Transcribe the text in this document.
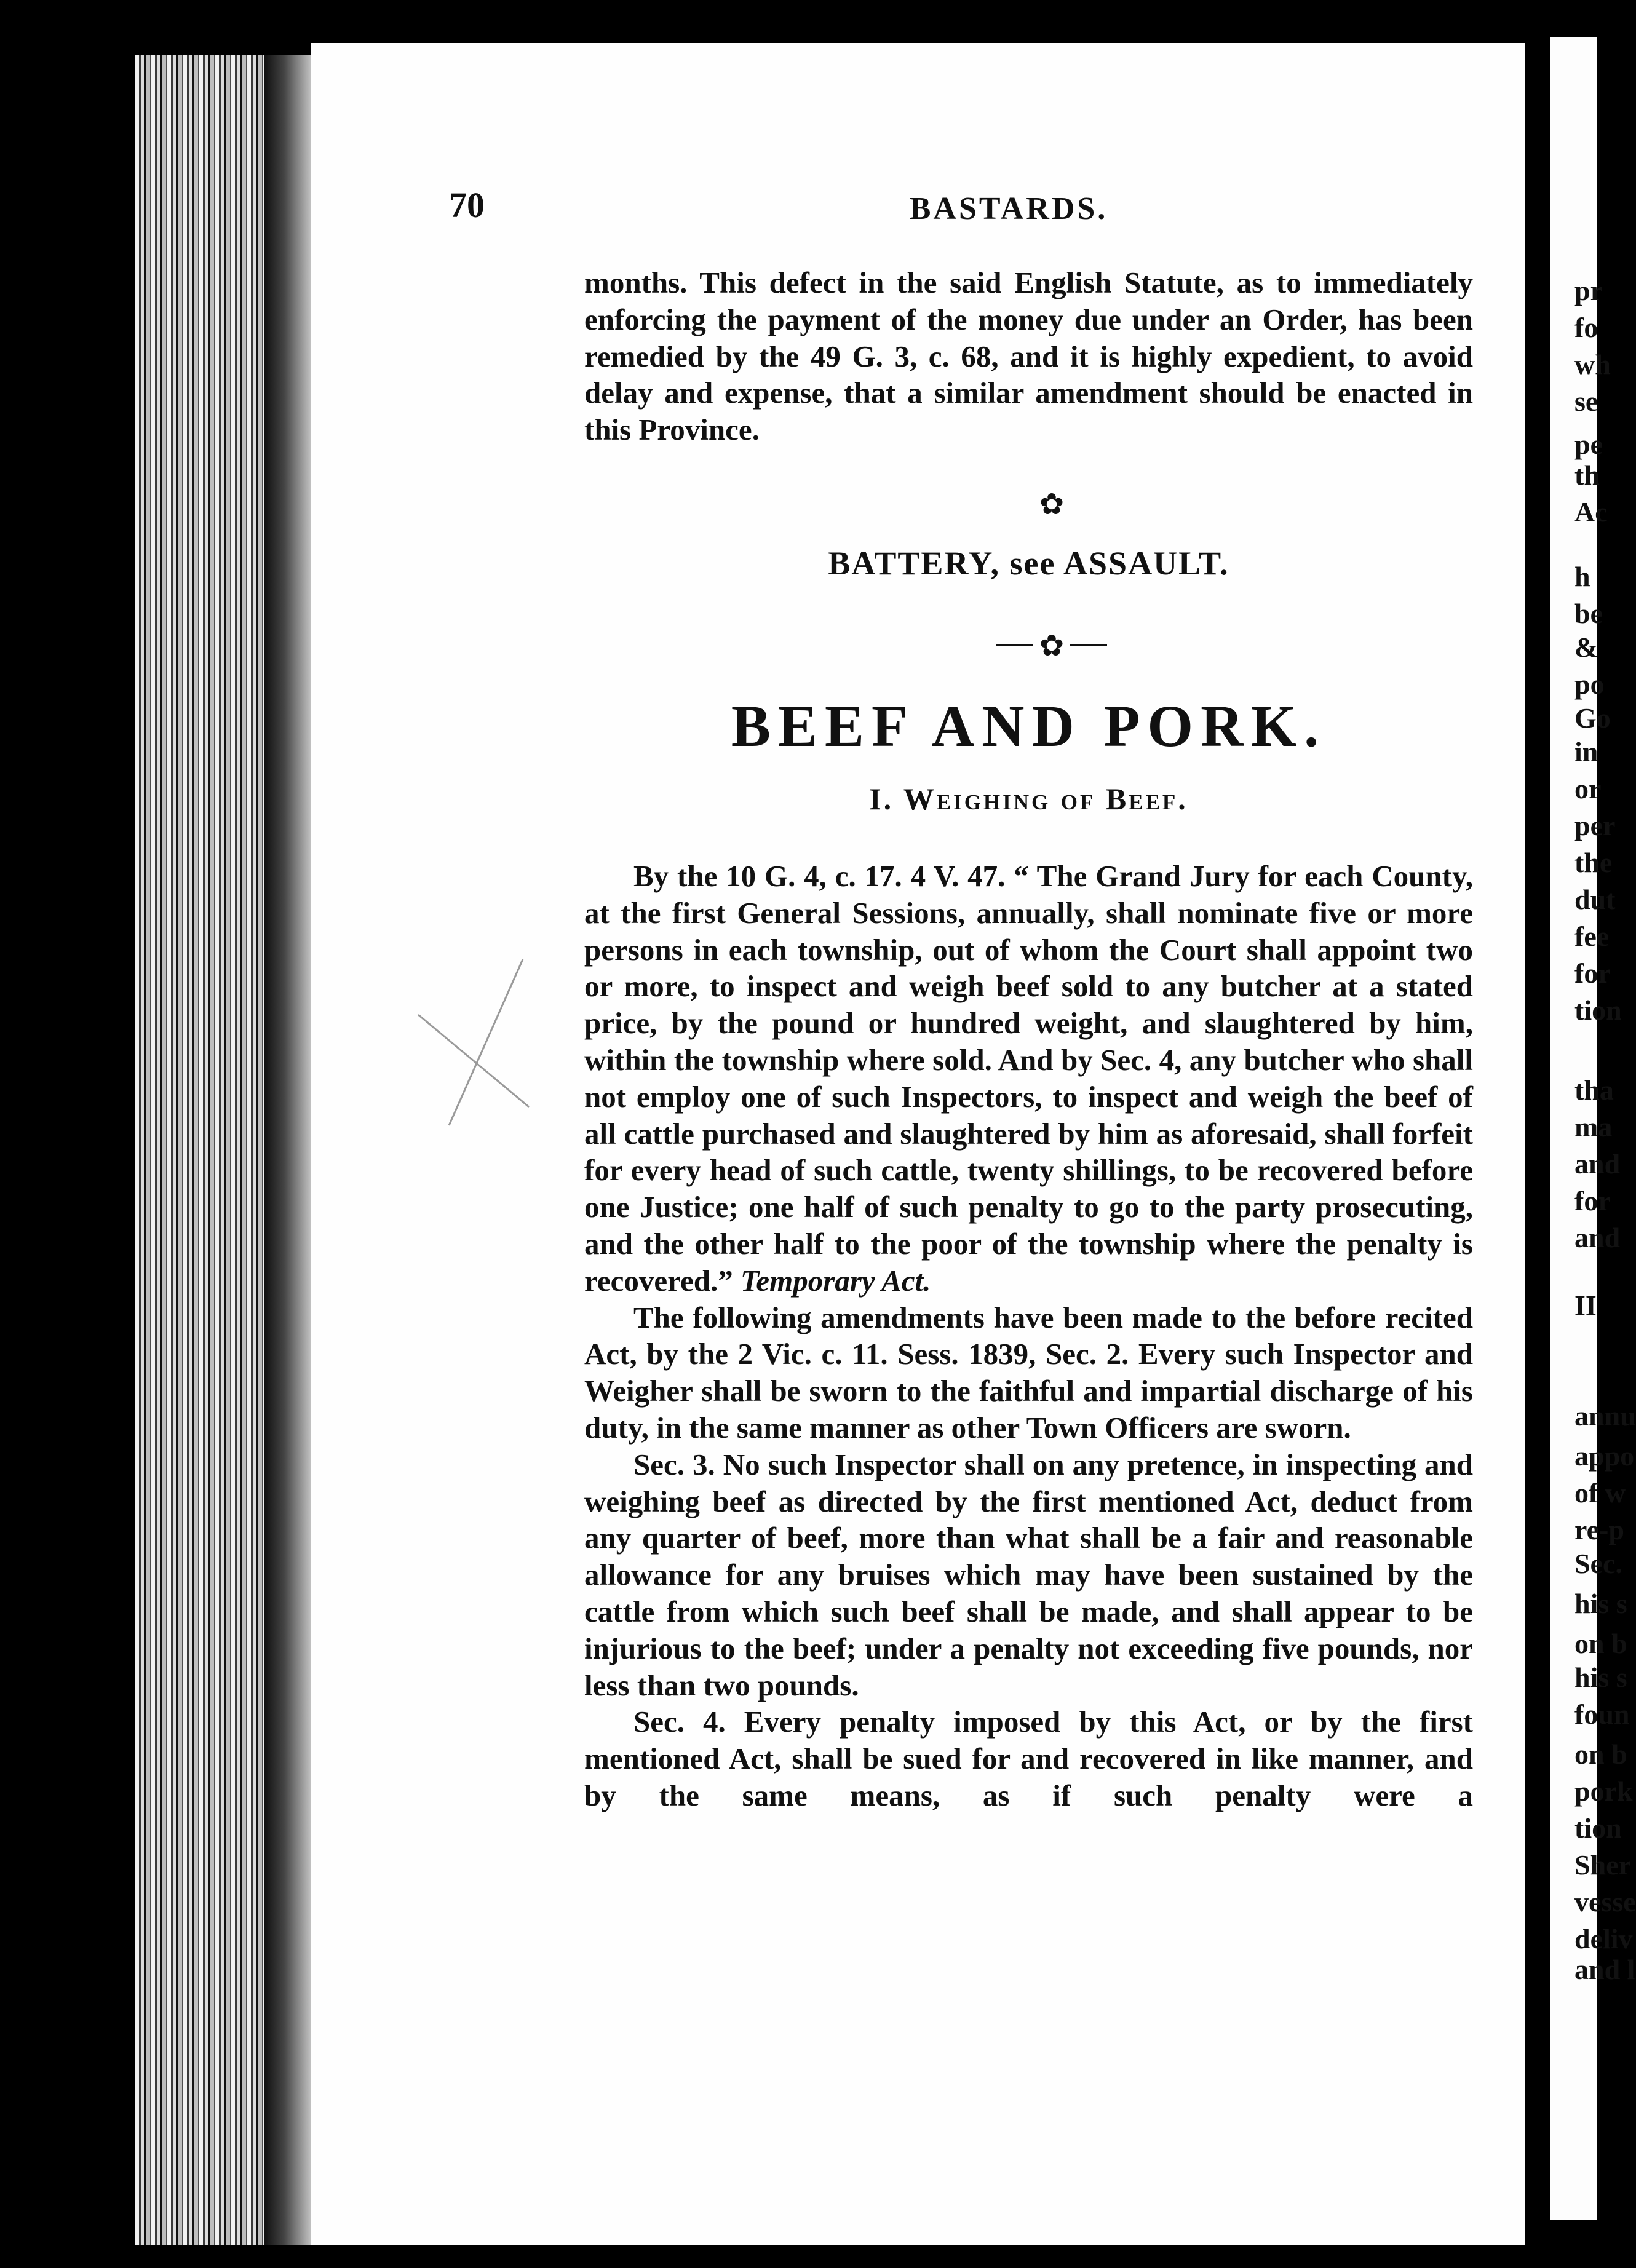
pr
fo
wh
se
pe
th
Ac
h
be
&
po
Go
in
or
per
the
dut
fee
for
tion
tha
ma
and
for
and
II
annu
appo
of w
re-p
Sec.
his s
on b
his s
foun
on b
pork
tion
Sher
vesse
deliv
and l
70	BASTARDS.

months. This defect in the said English Statute, as to immediately enforcing the payment of the money due under an Order, has been remedied by the 49 G. 3, c. 68, and it is highly expedient, to avoid delay and expense, that a similar amendment should be enacted in this Province.

✿
BATTERY, see ASSAULT.
✿
BEEF AND PORK.
I. Weighing of Beef.

By the 10 G. 4, c. 17. 4 V. 47. “ The Grand Jury for each County, at the first General Sessions, annually, shall nominate five or more persons in each township, out of whom the Court shall appoint two or more, to inspect and weigh beef sold to any butcher at a stated price, by the pound or hundred weight, and slaughtered by him, within the township where sold. And by Sec. 4, any butcher who shall not employ one of such Inspectors, to inspect and weigh the beef of all cattle purchased and slaughtered by him as aforesaid, shall forfeit for every head of such cattle, twenty shillings, to be recovered before one Justice; one half of such penalty to go to the party prosecuting, and the other half to the poor of the township where the penalty is recovered.” Temporary Act.

The following amendments have been made to the before recited Act, by the 2 Vic. c. 11. Sess. 1839, Sec. 2. Every such Inspector and Weigher shall be sworn to the faithful and impartial discharge of his duty, in the same manner as other Town Officers are sworn.

Sec. 3. No such Inspector shall on any pretence, in inspecting and weighing beef as directed by the first mentioned Act, deduct from any quarter of beef, more than what shall be a fair and reasonable allowance for any bruises which may have been sustained by the cattle from which such beef shall be made, and shall appear to be injurious to the beef; under a penalty not exceeding five pounds, nor less than two pounds.

Sec. 4. Every penalty imposed by this Act, or by the first mentioned Act, shall be sued for and recovered in like manner, and by the same means, as if such penalty were a
